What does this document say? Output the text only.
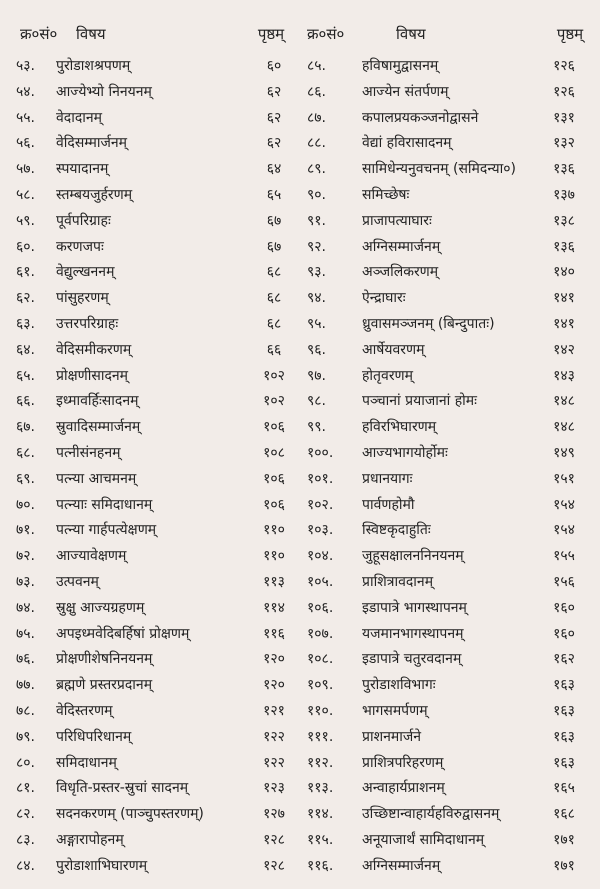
क्र०सं०	विषय	पृष्ठम्	क्र०सं०	विषय	पृष्ठम्
५३.	पुरोडाशश्रपणम्	६०	८५.	हविषामुद्वासनम्	१२६
५४.	आज्येभ्यो निनयनम्	६२	८६.	आज्येन संतर्पणम्	१२६
५५.	वेदादानम्	६२	८७.	कपालप्रयकञ्जनोद्वासने	१३१
५६.	वेदिसम्मार्जनम्	६२	८८.	वेद्यां हविरासादनम्	१३२
५७.	स्पयादानम्	६४	८९.	सामिधेन्यनुवचनम् (समिदन्या०)	१३६
५८.	स्तम्बयजुर्हरणम्	६५	९०.	समिच्छेषः	१३७
५९.	पूर्वपरिग्राहः	६७	९१.	प्राजापत्याघारः	१३८
६०.	करणजपः	६७	९२.	अग्निसम्मार्जनम्	१३६
६१.	वेद्युल्खननम्	६८	९३.	अञ्जलिकरणम्	१४०
६२.	पांसुहरणम्	६८	९४.	ऐन्द्राघारः	१४१
६३.	उत्तरपरिग्राहः	६८	९५.	ध्रुवासमञ्जनम् (बिन्दुपातः)	१४१
६४.	वेदिसमीकरणम्	६६	९६.	आर्षेयवरणम्	१४२
६५.	प्रोक्षणीसादनम्	१०२	९७.	होतृवरणम्	१४३
६६.	इध्मावर्हिःसादनम्	१०२	९८.	पञ्चानां प्रयाजानां होमः	१४८
६७.	स्रुवादिसम्मार्जनम्	१०६	९९.	हविरभिघारणम्	१४८
६८.	पत्नीसंनहनम्	१०८	१००.	आज्यभागयोर्होमः	१४९
६९.	पत्न्या आचमनम्	१०६	१०१.	प्रधानयागः	१५१
७०.	पत्न्याः समिदाधानम्	१०६	१०२.	पार्वणहोमौ	१५४
७१.	पत्न्या गार्हपत्येक्षणम्	११०	१०३.	स्विष्टकृदाहुतिः	१५४
७२.	आज्यावेक्षणम्	११०	१०४.	जुहूसक्षालननिनयनम्	१५५
७३.	उत्पवनम्	११३	१०५.	प्राशित्रावदानम्	१५६
७४.	स्रुक्षु आज्यग्रहणम्	११४	१०६.	इडापात्रे भागस्थापनम्	१६०
७५.	अपइध्मवेदिबर्हिषां प्रोक्षणम्	११६	१०७.	यजमानभागस्थापनम्	१६०
७६.	प्रोक्षणीशेषनिनयनम्	१२०	१०८.	इडापात्रे चतुरवदानम्	१६२
७७.	ब्रह्मणे प्रस्तरप्रदानम्	१२०	१०९.	पुरोडाशविभागः	१६३
७८.	वेदिस्तरणम्	१२१	११०.	भागसमर्पणम्	१६३
७९.	परिधिपरिधानम्	१२२	१११.	प्राशनमार्जने	१६३
८०.	समिदाधानम्	१२२	११२.	प्राशित्रपरिहरणम्	१६३
८१.	विधृति-प्रस्तर-स्रुचां सादनम्	१२३	११३.	अन्वाहार्यप्राशनम्	१६५
८२.	सदनकरणम् (पाञ्चुपस्तरणम्)	१२७	११४.	उच्छिष्टान्वाहार्यहविरुद्वासनम्	१६८
८३.	अङ्गारापोहनम्	१२८	११५.	अनूयाजार्थं सामिदाधानम्	१७१
८४.	पुरोडाशाभिघारणम्	१२८	११६.	अग्निसम्मार्जनम्	१७१
